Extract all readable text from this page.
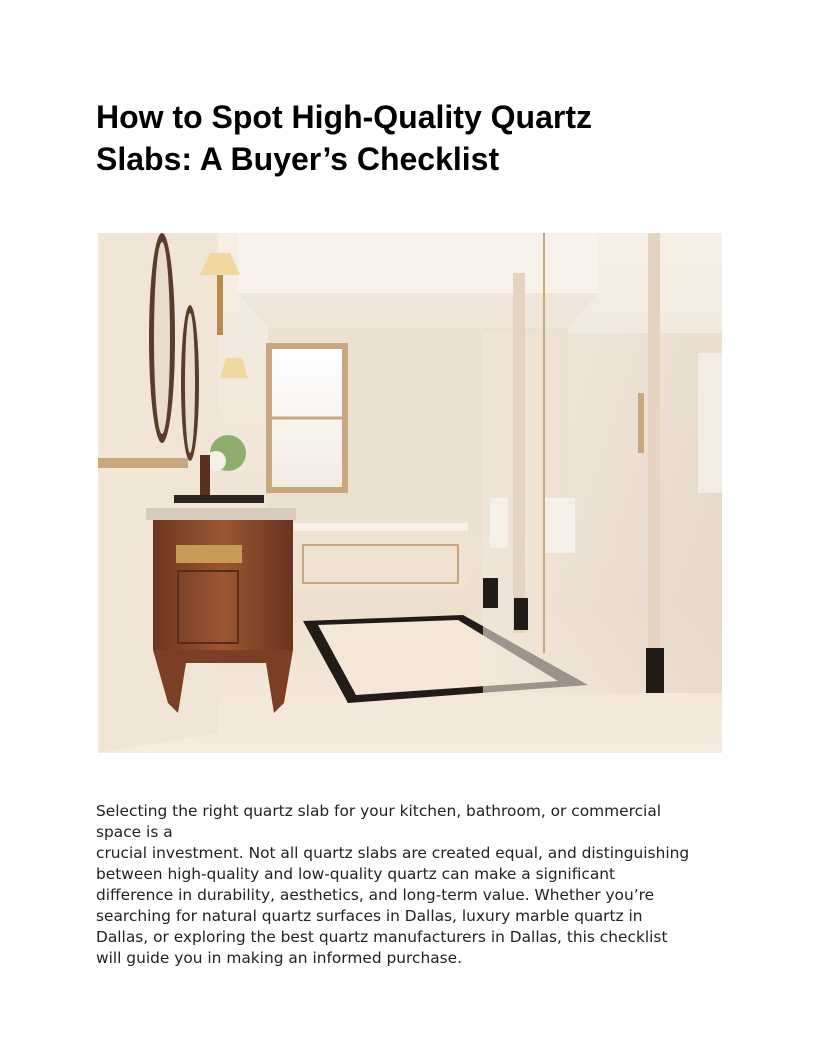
How to Spot High-Quality Quartz
Slabs: A Buyer’s Checklist
Selecting the right quartz slab for your kitchen, bathroom, or commercial
space is a
crucial investment. Not all quartz slabs are created equal, and distinguishing
between high-quality and low-quality quartz can make a significant
difference in durability, aesthetics, and long-term value. Whether you’re
searching for natural quartz surfaces in Dallas, luxury marble quartz in
Dallas, or exploring the best quartz manufacturers in Dallas, this checklist
will guide you in making an informed purchase.
